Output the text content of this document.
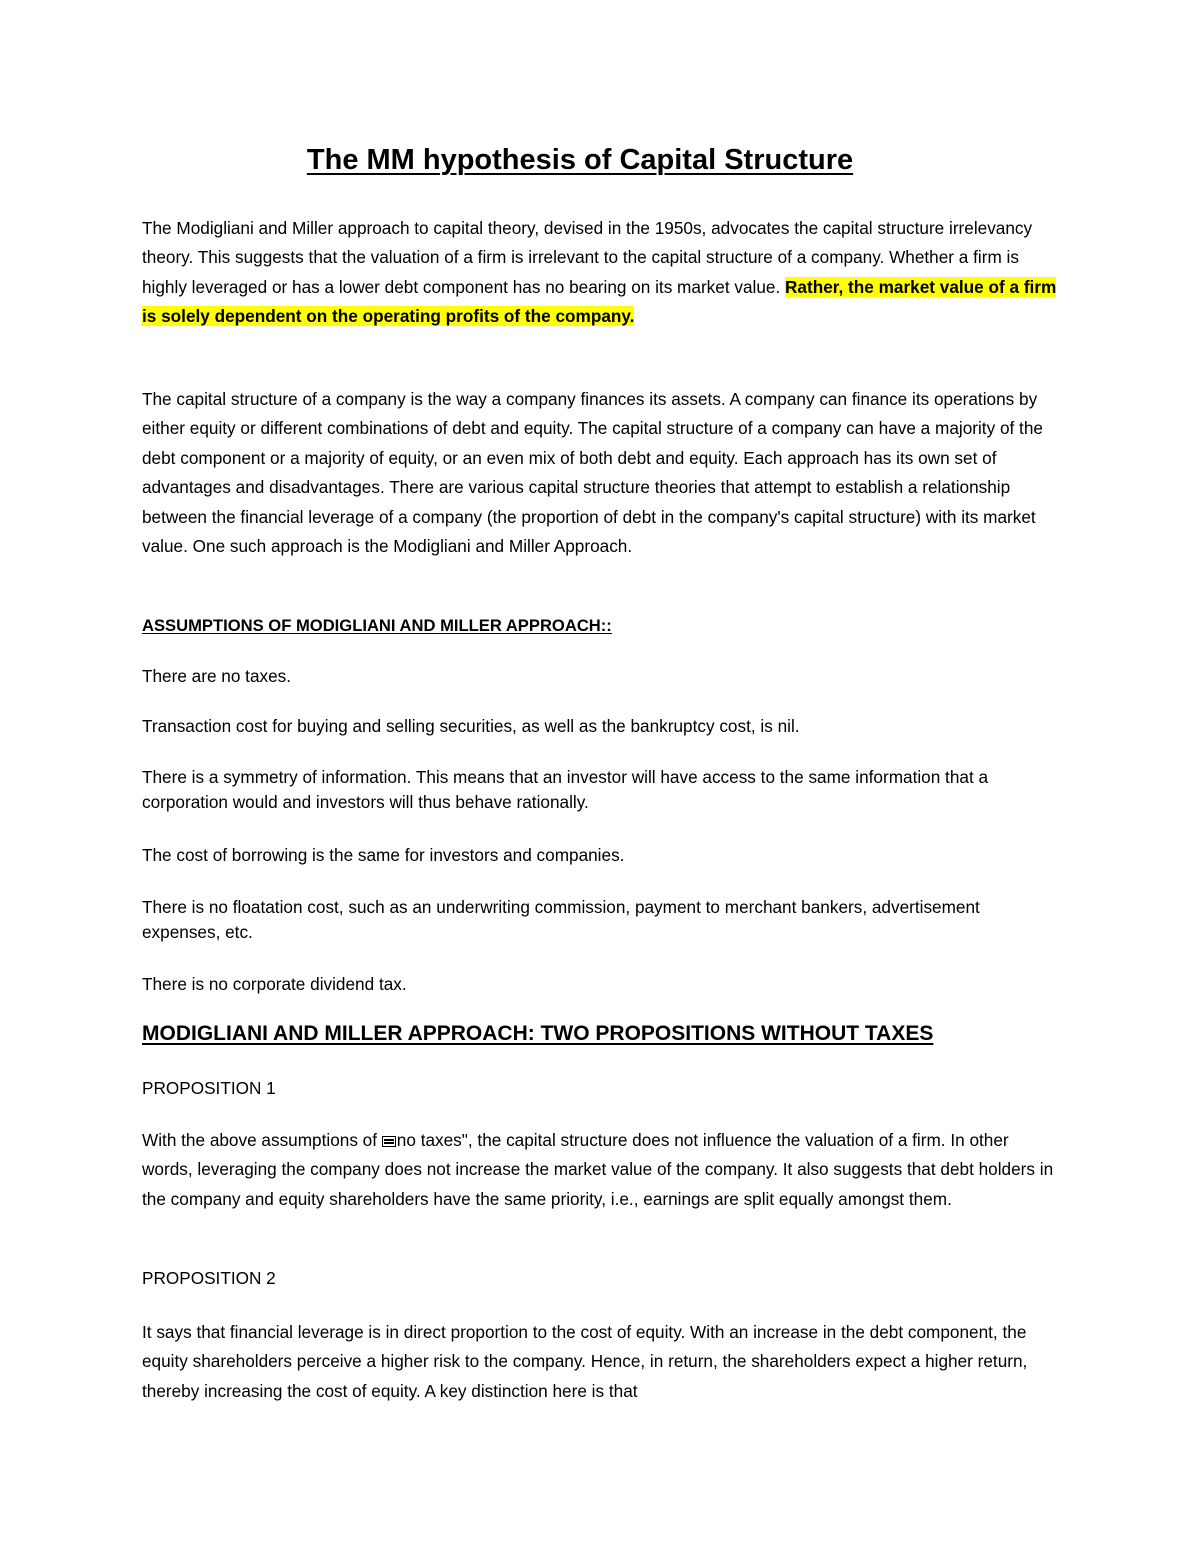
The MM hypothesis of Capital Structure

The Modigliani and Miller approach to capital theory, devised in the 1950s, advocates the capital structure irrelevancy theory. This suggests that the valuation of a firm is irrelevant to the capital structure of a company. Whether a firm is highly leveraged or has a lower debt component has no bearing on its market value. Rather, the market value of a firm is solely dependent on the operating profits of the company.

The capital structure of a company is the way a company finances its assets. A company can finance its operations by either equity or different combinations of debt and equity. The capital structure of a company can have a majority of the debt component or a majority of equity, or an even mix of both debt and equity. Each approach has its own set of advantages and disadvantages. There are various capital structure theories that attempt to establish a relationship between the financial leverage of a company (the proportion of debt in the company's capital structure) with its market value. One such approach is the Modigliani and Miller Approach.

ASSUMPTIONS OF MODIGLIANI AND MILLER APPROACH::

There are no taxes.

Transaction cost for buying and selling securities, as well as the bankruptcy cost, is nil.

There is a symmetry of information. This means that an investor will have access to the same information that a corporation would and investors will thus behave rationally.

The cost of borrowing is the same for investors and companies.

There is no floatation cost, such as an underwriting commission, payment to merchant bankers, advertisement expenses, etc.

There is no corporate dividend tax.

MODIGLIANI AND MILLER APPROACH: TWO PROPOSITIONS WITHOUT TAXES
PROPOSITION 1

With the above assumptions of no taxes", the capital structure does not influence the valuation of a firm. In other words, leveraging the company does not increase the market value of the company. It also suggests that debt holders in the company and equity shareholders have the same priority, i.e., earnings are split equally amongst them.

PROPOSITION 2

It says that financial leverage is in direct proportion to the cost of equity. With an increase in the debt component, the equity shareholders perceive a higher risk to the company. Hence, in return, the shareholders expect a higher return, thereby increasing the cost of equity. A key distinction here is that
